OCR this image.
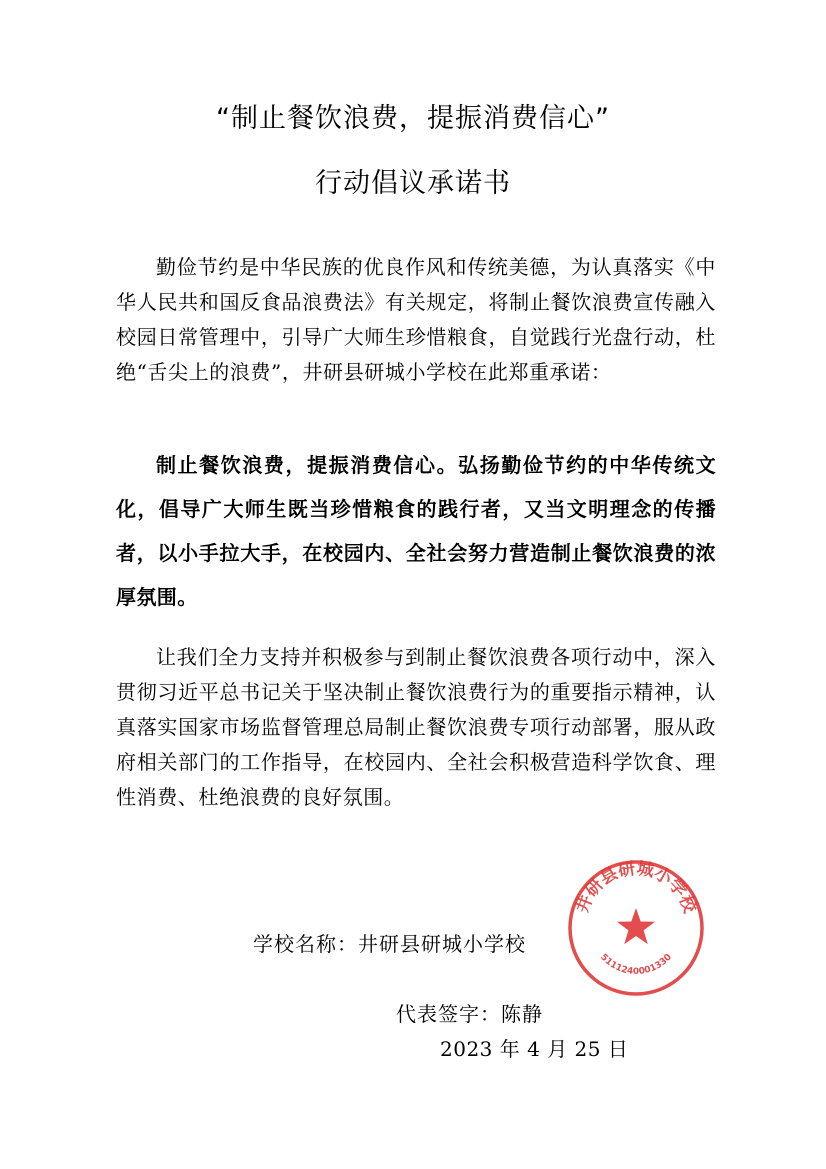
“制止餐饮浪费，提振消费信心”
行动倡议承诺书

勤俭节约是中华民族的优良作风和传统美德，为认真落实《中华人民共和国反食品浪费法》有关规定，将制止餐饮浪费宣传融入校园日常管理中，引导广大师生珍惜粮食，自觉践行光盘行动，杜绝“舌尖上的浪费”，井研县研城小学校在此郑重承诺：

制止餐饮浪费，提振消费信心。弘扬勤俭节约的中华传统文化，倡导广大师生既当珍惜粮食的践行者，又当文明理念的传播者，以小手拉大手，在校园内、全社会努力营造制止餐饮浪费的浓厚氛围。

让我们全力支持并积极参与到制止餐饮浪费各项行动中，深入贯彻习近平总书记关于坚决制止餐饮浪费行为的重要指示精神，认真落实国家市场监督管理总局制止餐饮浪费专项行动部署，服从政府相关部门的工作指导，在校园内、全社会积极营造科学饮食、理性消费、杜绝浪费的良好氛围。

学校名称：井研县研城小学校
代表签字：陈静
2023 年 4 月 25 日
井研县研城小学校
5111240001330
